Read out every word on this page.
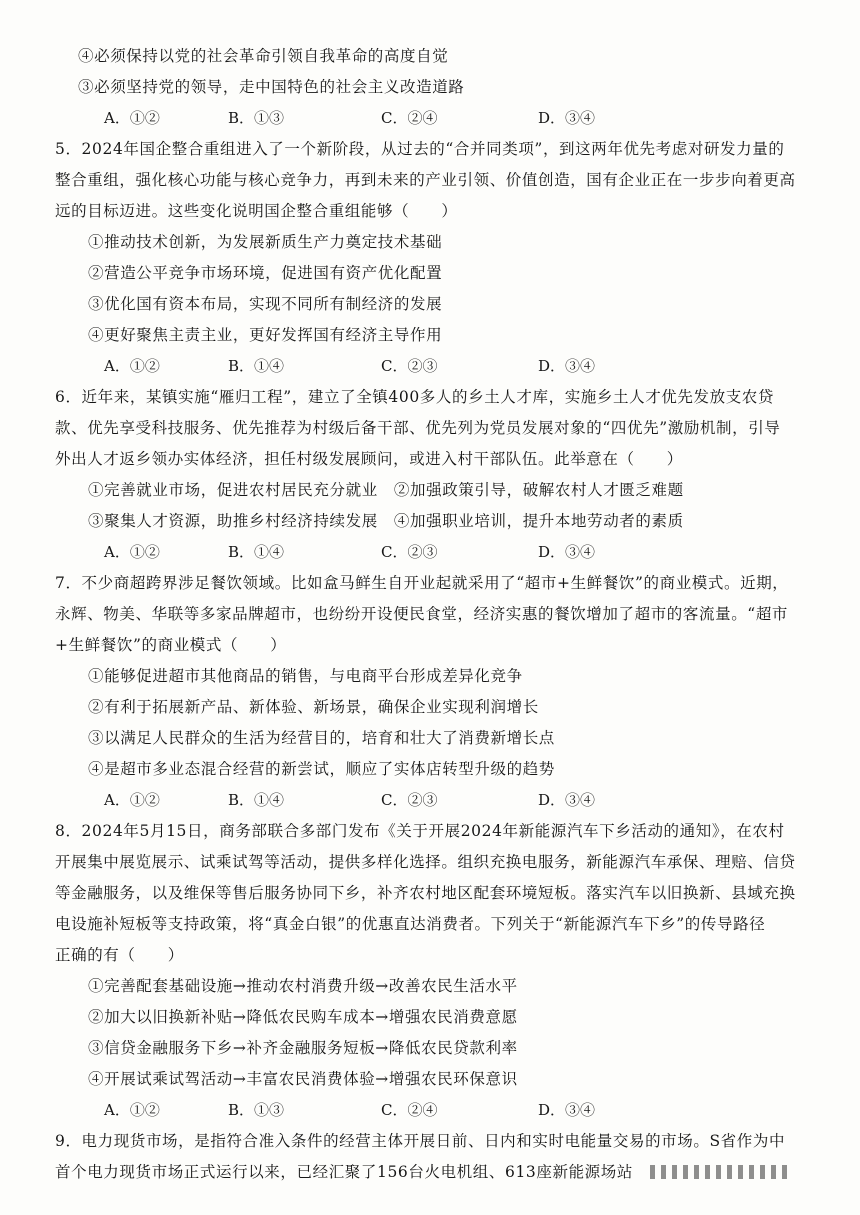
④必须保持以党的社会革命引领自我革命的高度自觉
③必须坚持党的领导，走中国特色的社会主义改造道路
A．①②	B．①③	C．②④	D．③④
5．2024年国企整合重组进入了一个新阶段，从过去的“合并同类项”，到这两年优先考虑对研发力量的
整合重组，强化核心功能与核心竞争力，再到未来的产业引领、价值创造，国有企业正在一步步向着更高
远的目标迈进。这些变化说明国企整合重组能够（　　）
①推动技术创新，为发展新质生产力奠定技术基础
②营造公平竞争市场环境，促进国有资产优化配置
③优化国有资本布局，实现不同所有制经济的发展
④更好聚焦主责主业，更好发挥国有经济主导作用
A．①②	B．①④	C．②③	D．③④
6．近年来，某镇实施“雁归工程”，建立了全镇400多人的乡土人才库，实施乡土人才优先发放支农贷
款、优先享受科技服务、优先推荐为村级后备干部、优先列为党员发展对象的“四优先”激励机制，引导
外出人才返乡领办实体经济，担任村级发展顾问，或进入村干部队伍。此举意在（　　）
①完善就业市场，促进农村居民充分就业　②加强政策引导，破解农村人才匮乏难题
③聚集人才资源，助推乡村经济持续发展　④加强职业培训，提升本地劳动者的素质
A．①②	B．①④	C．②③	D．③④
7．不少商超跨界涉足餐饮领域。比如盒马鲜生自开业起就采用了“超市+生鲜餐饮”的商业模式。近期，
永辉、物美、华联等多家品牌超市，也纷纷开设便民食堂，经济实惠的餐饮增加了超市的客流量。“超市
+生鲜餐饮”的商业模式（　　）
①能够促进超市其他商品的销售，与电商平台形成差异化竞争
②有利于拓展新产品、新体验、新场景，确保企业实现利润增长
③以满足人民群众的生活为经营目的，培育和壮大了消费新增长点
④是超市多业态混合经营的新尝试，顺应了实体店转型升级的趋势
A．①②	B．①④	C．②③	D．③④
8．2024年5月15日，商务部联合多部门发布《关于开展2024年新能源汽车下乡活动的通知》，在农村
开展集中展览展示、试乘试驾等活动，提供多样化选择。组织充换电服务，新能源汽车承保、理赔、信贷
等金融服务，以及维保等售后服务协同下乡，补齐农村地区配套环境短板。落实汽车以旧换新、县域充换
电设施补短板等支持政策，将“真金白银”的优惠直达消费者。下列关于“新能源汽车下乡”的传导路径
正确的有（　　）
①完善配套基础设施→推动农村消费升级→改善农民生活水平
②加大以旧换新补贴→降低农民购车成本→增强农民消费意愿
③信贷金融服务下乡→补齐金融服务短板→降低农民贷款利率
④开展试乘试驾活动→丰富农民消费体验→增强农民环保意识
A．①②	B．①③	C．②④	D．③④
9．电力现货市场，是指符合准入条件的经营主体开展日前、日内和实时电能量交易的市场。S省作为中
首个电力现货市场正式运行以来，已经汇聚了156台火电机组、613座新能源场站
